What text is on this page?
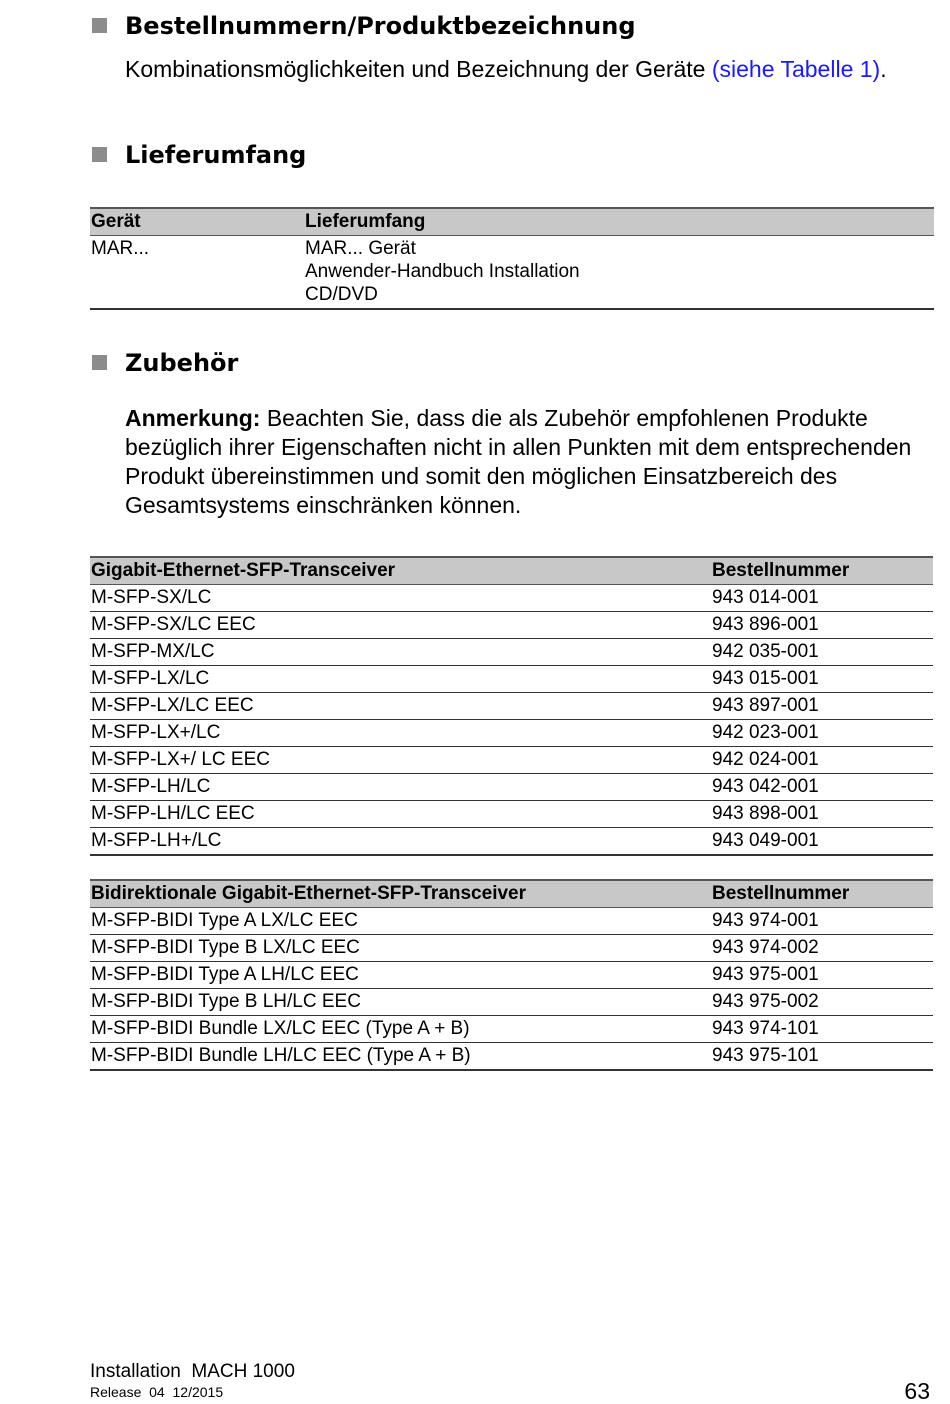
Bestellnummern/Produktbezeichnung
Kombinationsmöglichkeiten und Bezeichnung der Geräte (siehe Tabelle 1).
Lieferumfang
Gerät	Lieferumfang
MAR...	MAR... Gerät
Anwender-Handbuch Installation
CD/DVD
Zubehör
Anmerkung: Beachten Sie, dass die als Zubehör empfohlenen Produkte bezüglich ihrer Eigenschaften nicht in allen Punkten mit dem entsprechenden Produkt übereinstimmen und somit den möglichen Einsatzbereich des Gesamtsystems einschränken können.
Gigabit-Ethernet-SFP-Transceiver	Bestellnummer
M-SFP-SX/LC	943 014-001
M-SFP-SX/LC EEC	943 896-001
M-SFP-MX/LC	942 035-001
M-SFP-LX/LC	943 015-001
M-SFP-LX/LC EEC	943 897-001
M-SFP-LX+/LC	942 023-001
M-SFP-LX+/ LC EEC	942 024-001
M-SFP-LH/LC	943 042-001
M-SFP-LH/LC EEC	943 898-001
M-SFP-LH+/LC	943 049-001
Bidirektionale Gigabit-Ethernet-SFP-Transceiver	Bestellnummer
M-SFP-BIDI Type A LX/LC EEC	943 974-001
M-SFP-BIDI Type B LX/LC EEC	943 974-002
M-SFP-BIDI Type A LH/LC EEC	943 975-001
M-SFP-BIDI Type B LH/LC EEC	943 975-002
M-SFP-BIDI Bundle LX/LC EEC (Type A + B)	943 974-101
M-SFP-BIDI Bundle LH/LC EEC (Type A + B)	943 975-101
Installation  MACH 1000
Release  04  12/2015	63
